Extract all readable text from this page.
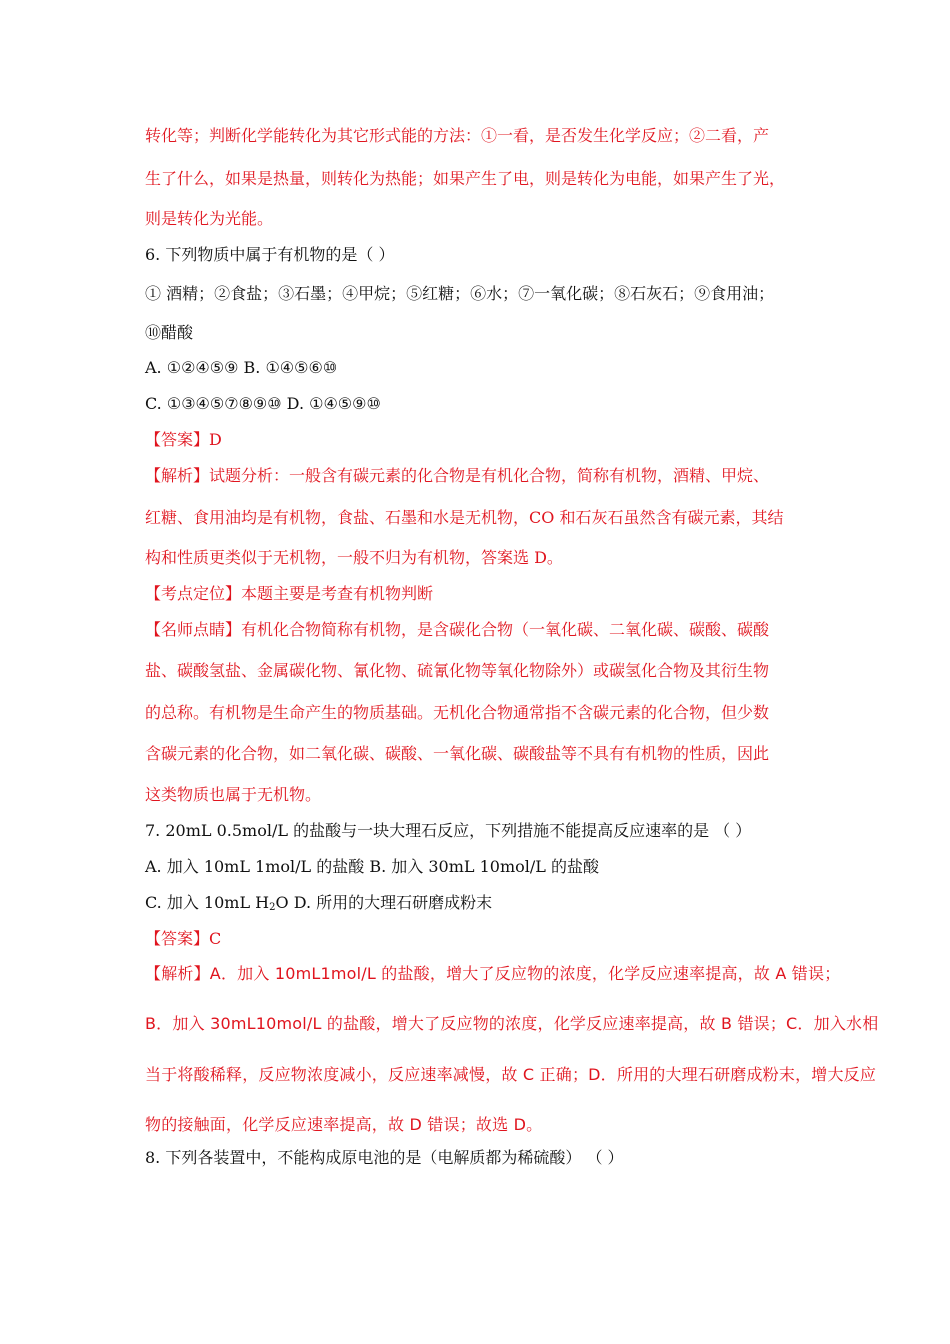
转化等；判断化学能转化为其它形式能的方法：①一看，是否发生化学反应；②二看，产
生了什么，如果是热量，则转化为热能；如果产生了电，则是转化为电能，如果产生了光，
则是转化为光能。
6. 下列物质中属于有机物的是（ ）
① 酒精；②食盐；③石墨；④甲烷；⑤红糖；⑥水；⑦一氧化碳；⑧石灰石；⑨食用油；
⑩醋酸
A. ①②④⑤⑨ B. ①④⑤⑥⑩
C. ①③④⑤⑦⑧⑨⑩ D. ①④⑤⑨⑩
【答案】D
【解析】试题分析：一般含有碳元素的化合物是有机化合物，简称有机物，酒精、甲烷、
红糖、食用油均是有机物，食盐、石墨和水是无机物，CO 和石灰石虽然含有碳元素，其结
构和性质更类似于无机物，一般不归为有机物，答案选 D。
【考点定位】本题主要是考查有机物判断
【名师点睛】有机化合物简称有机物，是含碳化合物（一氧化碳、二氧化碳、碳酸、碳酸
盐、碳酸氢盐、金属碳化物、氰化物、硫氰化物等氧化物除外）或碳氢化合物及其衍生物
的总称。有机物是生命产生的物质基础。无机化合物通常指不含碳元素的化合物，但少数
含碳元素的化合物，如二氧化碳、碳酸、一氧化碳、碳酸盐等不具有有机物的性质，因此
这类物质也属于无机物。
7. 20mL 0.5mol/L 的盐酸与一块大理石反应，下列措施不能提高反应速率的是 （ ）
A. 加入 10mL 1mol/L 的盐酸 B. 加入 30mL 10mol/L 的盐酸
C. 加入 10mL $H_2O$ D. 所用的大理石研磨成粉末
【答案】C
【解析】A．加入 10mL1mol/L 的盐酸，增大了反应物的浓度，化学反应速率提高，故 A 错误；
B．加入 30mL10mol/L 的盐酸，增大了反应物的浓度，化学反应速率提高，故 B 错误；C．加入水相
当于将酸稀释，反应物浓度减小，反应速率减慢，故 C 正确；D．所用的大理石研磨成粉末，增大反应
物的接触面，化学反应速率提高，故 D 错误；故选 D。
8. 下列各装置中，不能构成原电池的是（电解质都为稀硫酸） （ ）
